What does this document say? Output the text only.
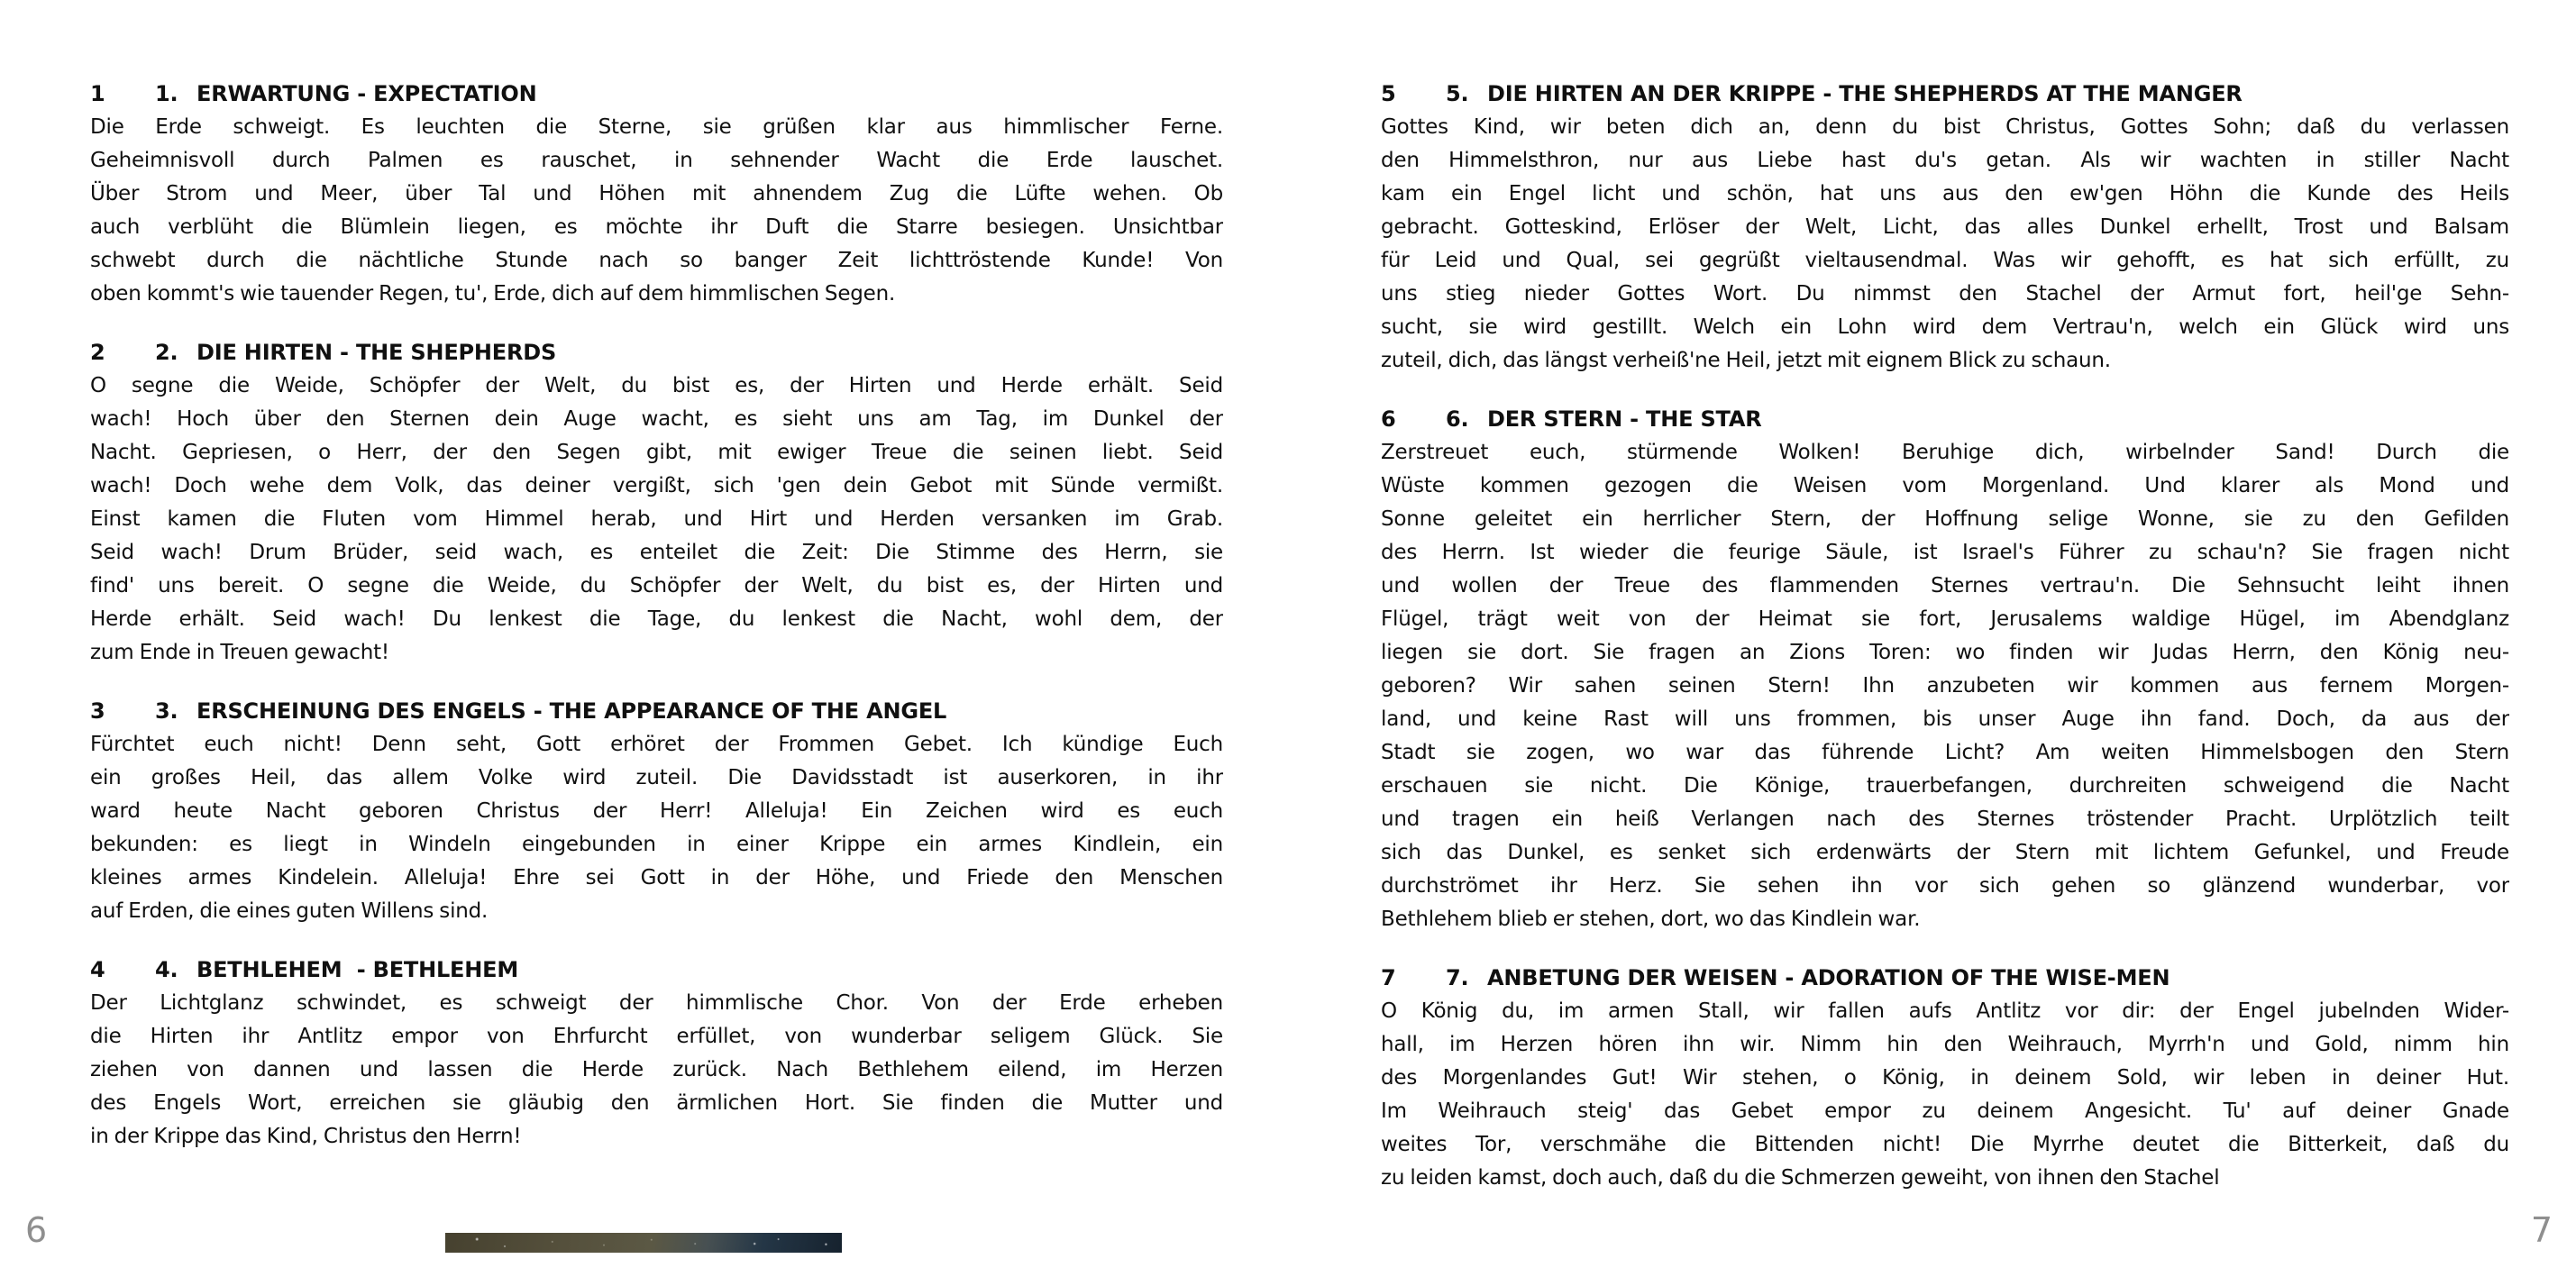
1	1. ERWARTUNG - EXPECTATION
Die Erde schweigt. Es leuchten die Sterne, sie grüßen klar aus himmlischer Ferne.
Geheimnisvoll durch Palmen es rauschet, in sehnender Wacht die Erde lauschet.
Über Strom und Meer, über Tal und Höhen mit ahnendem Zug die Lüfte wehen. Ob
auch verblüht die Blümlein liegen, es möchte ihr Duft die Starre besiegen. Unsichtbar
schwebt durch die nächtliche Stunde nach so banger Zeit lichttröstende Kunde! Von
oben kommt's wie tauender Regen, tu', Erde, dich auf dem himmlischen Segen.
2	2. DIE HIRTEN - THE SHEPHERDS
O segne die Weide, Schöpfer der Welt, du bist es, der Hirten und Herde erhält. Seid
wach! Hoch über den Sternen dein Auge wacht, es sieht uns am Tag, im Dunkel der
Nacht. Gepriesen, o Herr, der den Segen gibt, mit ewiger Treue die seinen liebt. Seid
wach! Doch wehe dem Volk, das deiner vergißt, sich 'gen dein Gebot mit Sünde vermißt.
Einst kamen die Fluten vom Himmel herab, und Hirt und Herden versanken im Grab.
Seid wach! Drum Brüder, seid wach, es enteilet die Zeit: Die Stimme des Herrn, sie
find' uns bereit. O segne die Weide, du Schöpfer der Welt, du bist es, der Hirten und
Herde erhält. Seid wach! Du lenkest die Tage, du lenkest die Nacht, wohl dem, der
zum Ende in Treuen gewacht!
3	3. ERSCHEINUNG DES ENGELS - THE APPEARANCE OF THE ANGEL
Fürchtet euch nicht! Denn seht, Gott erhöret der Frommen Gebet. Ich kündige Euch
ein großes Heil, das allem Volke wird zuteil. Die Davidsstadt ist auserkoren, in ihr
ward heute Nacht geboren Christus der Herr! Alleluja! Ein Zeichen wird es euch
bekunden: es liegt in Windeln eingebunden in einer Krippe ein armes Kindlein, ein
kleines armes Kindelein. Alleluja! Ehre sei Gott in der Höhe, und Friede den Menschen
auf Erden, die eines guten Willens sind.
4	4. BETHLEHEM  - BETHLEHEM
Der Lichtglanz schwindet, es schweigt der himmlische Chor. Von der Erde erheben
die Hirten ihr Antlitz empor von Ehrfurcht erfüllet, von wunderbar seligem Glück. Sie
ziehen von dannen und lassen die Herde zurück. Nach Bethlehem eilend, im Herzen
des Engels Wort, erreichen sie gläubig den ärmlichen Hort. Sie finden die Mutter und
in der Krippe das Kind, Christus den Herrn!
6
5	5. DIE HIRTEN AN DER KRIPPE - THE SHEPHERDS AT THE MANGER
Gottes Kind, wir beten dich an, denn du bist Christus, Gottes Sohn; daß du verlassen
den Himmelsthron, nur aus Liebe hast du's getan. Als wir wachten in stiller Nacht
kam ein Engel licht und schön, hat uns aus den ew'gen Höhn die Kunde des Heils
gebracht. Gotteskind, Erlöser der Welt, Licht, das alles Dunkel erhellt, Trost und Balsam
für Leid und Qual, sei gegrüßt vieltausendmal. Was wir gehofft, es hat sich erfüllt, zu
uns stieg nieder Gottes Wort. Du nimmst den Stachel der Armut fort, heil'ge Sehn-
sucht, sie wird gestillt. Welch ein Lohn wird dem Vertrau'n, welch ein Glück wird uns
zuteil, dich, das längst verheiß'ne Heil, jetzt mit eignem Blick zu schaun.
6	6. DER STERN - THE STAR
Zerstreuet euch, stürmende Wolken! Beruhige dich, wirbelnder Sand! Durch die
Wüste kommen gezogen die Weisen vom Morgenland. Und klarer als Mond und
Sonne geleitet ein herrlicher Stern, der Hoffnung selige Wonne, sie zu den Gefilden
des Herrn. Ist wieder die feurige Säule, ist Israel's Führer zu schau'n? Sie fragen nicht
und wollen der Treue des flammenden Sternes vertrau'n. Die Sehnsucht leiht ihnen
Flügel, trägt weit von der Heimat sie fort, Jerusalems waldige Hügel, im Abendglanz
liegen sie dort. Sie fragen an Zions Toren: wo finden wir Judas Herrn, den König neu-
geboren? Wir sahen seinen Stern! Ihn anzubeten wir kommen aus fernem Morgen-
land, und keine Rast will uns frommen, bis unser Auge ihn fand. Doch, da aus der
Stadt sie zogen, wo war das führende Licht? Am weiten Himmelsbogen den Stern
erschauen sie nicht. Die Könige, trauerbefangen, durchreiten schweigend die Nacht
und tragen ein heiß Verlangen nach des Sternes tröstender Pracht. Urplötzlich teilt
sich das Dunkel, es senket sich erdenwärts der Stern mit lichtem Gefunkel, und Freude
durchströmet ihr Herz. Sie sehen ihn vor sich gehen so glänzend wunderbar, vor
Bethlehem blieb er stehen, dort, wo das Kindlein war.
7	7. ANBETUNG DER WEISEN - ADORATION OF THE WISE-MEN
O König du, im armen Stall, wir fallen aufs Antlitz vor dir: der Engel jubelnden Wider-
hall, im Herzen hören ihn wir. Nimm hin den Weihrauch, Myrrh'n und Gold, nimm hin
des Morgenlandes Gut! Wir stehen, o König, in deinem Sold, wir leben in deiner Hut.
Im Weihrauch steig' das Gebet empor zu deinem Angesicht. Tu' auf deiner Gnade
weites Tor, verschmähe die Bittenden nicht! Die Myrrhe deutet die Bitterkeit, daß du
zu leiden kamst, doch auch, daß du die Schmerzen geweiht, von ihnen den Stachel
7
